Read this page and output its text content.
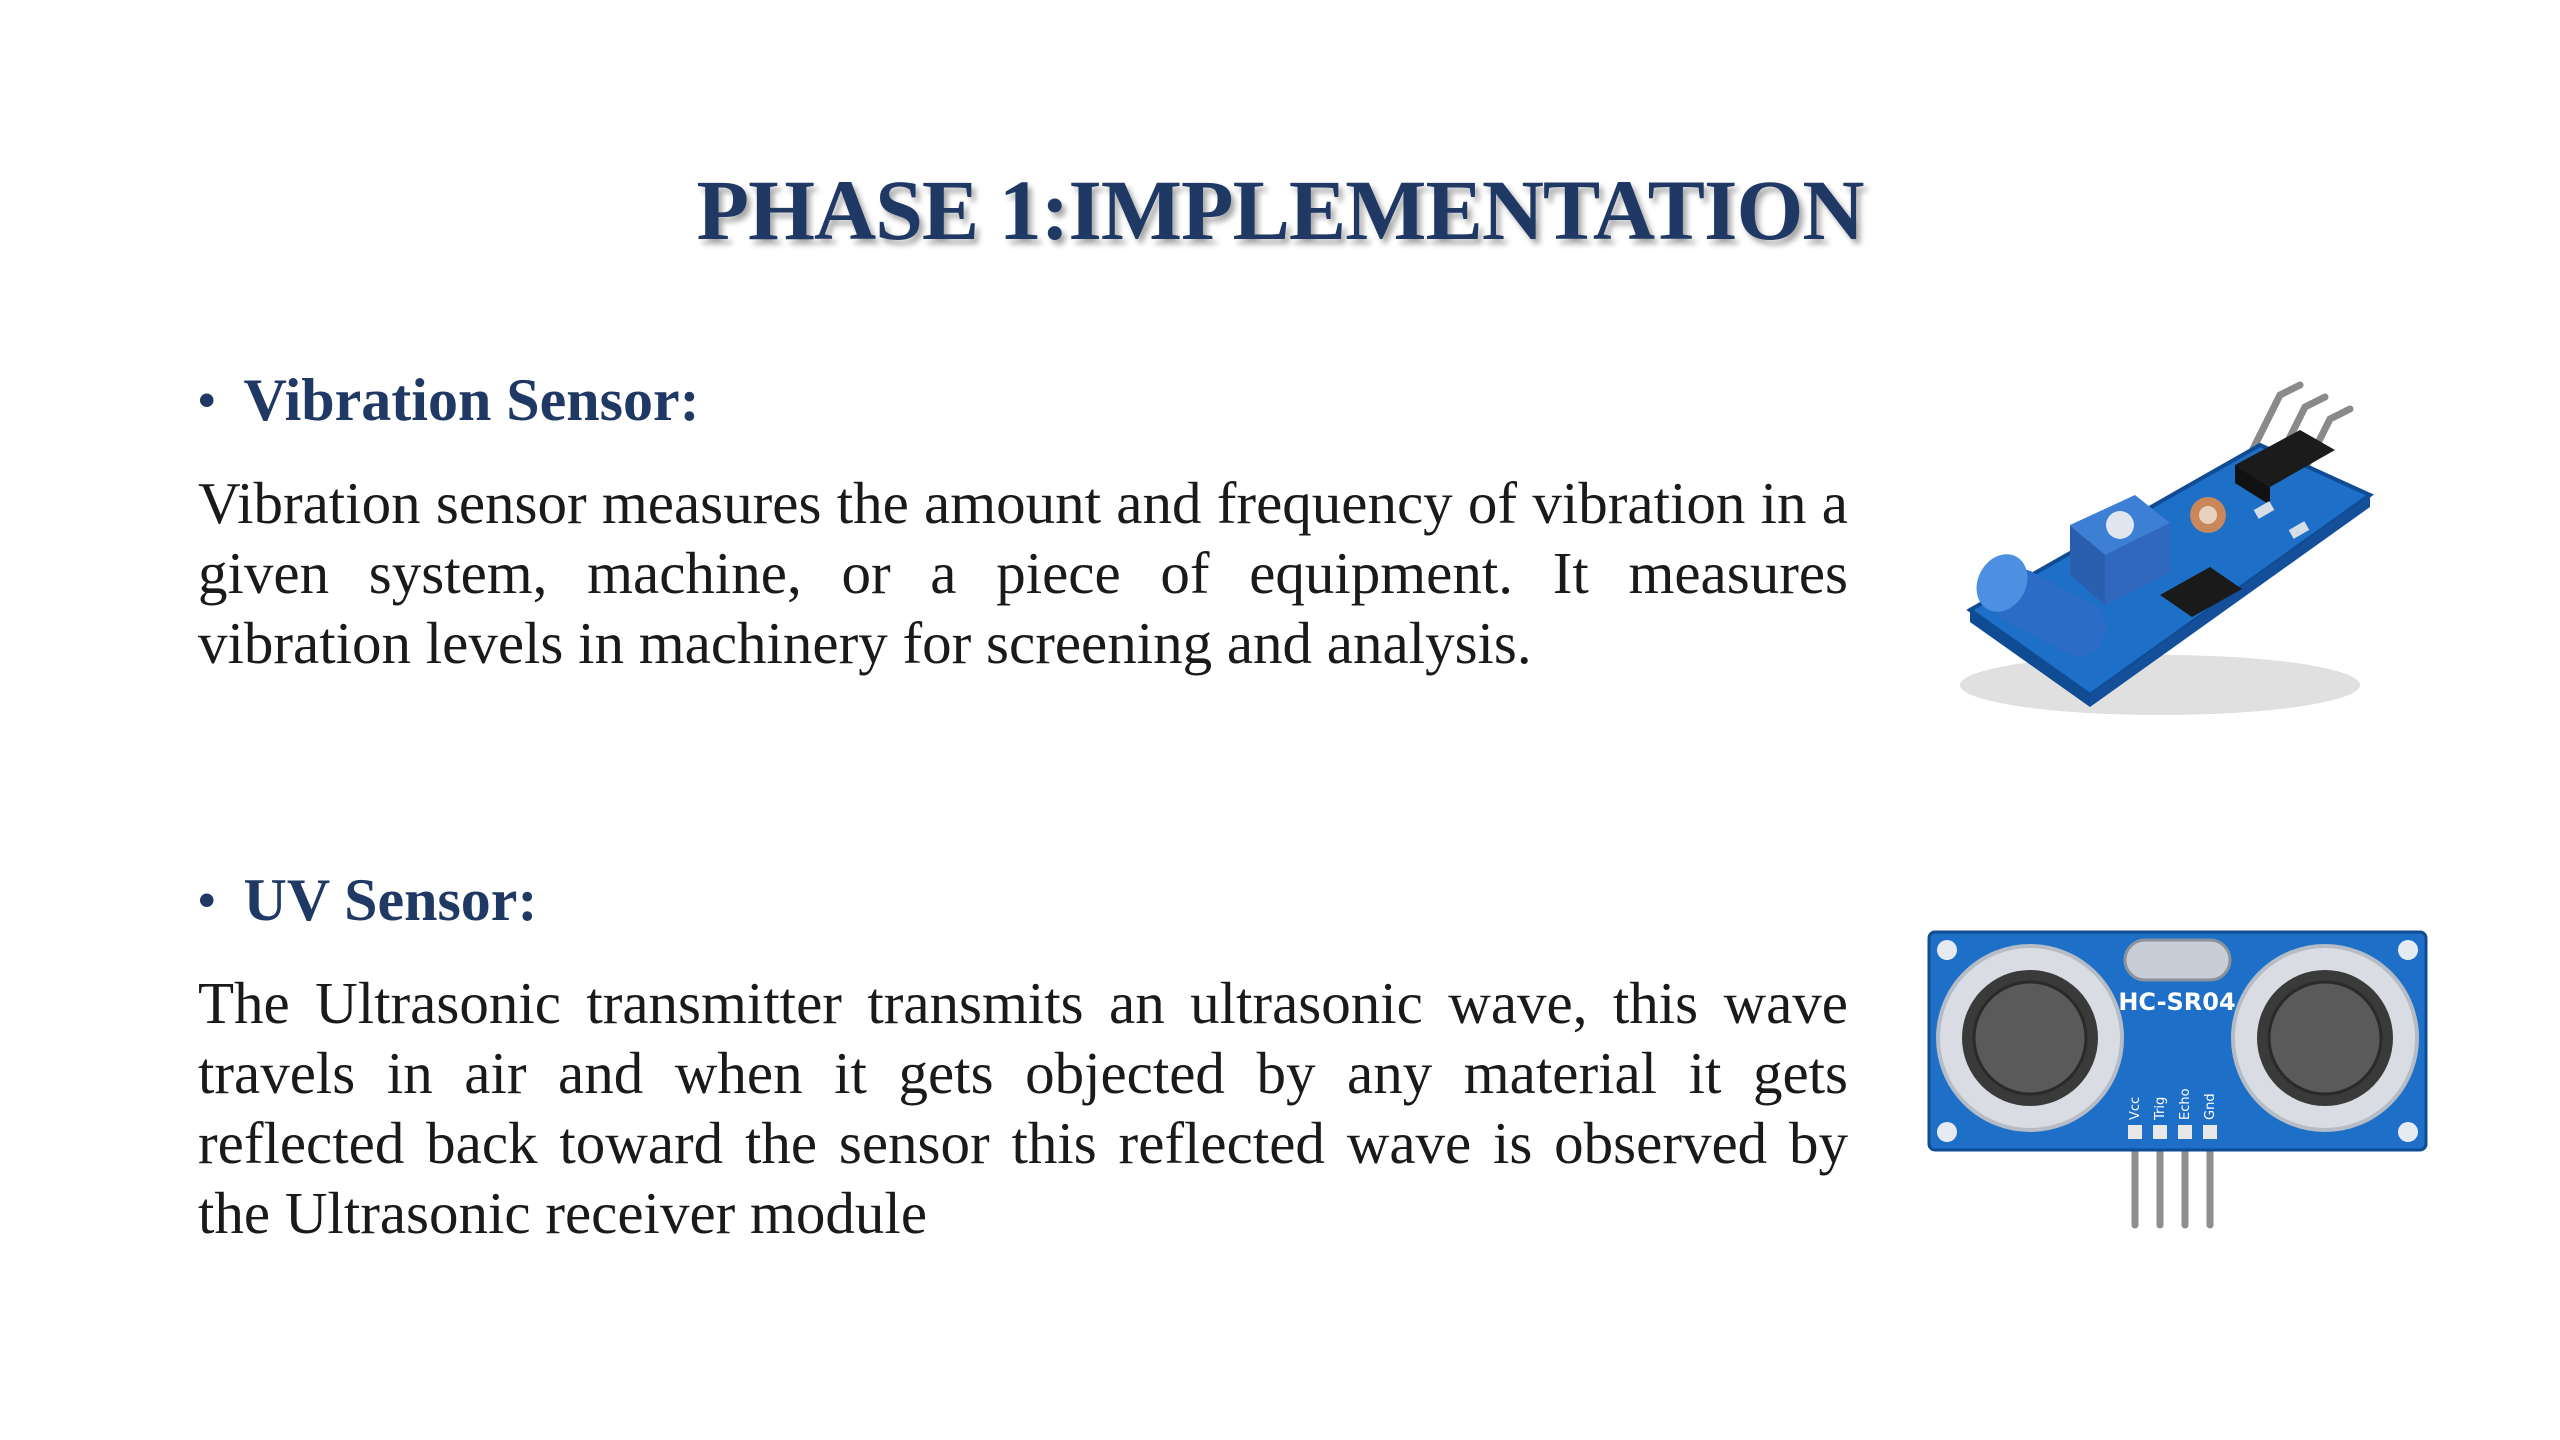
PHASE 1:IMPLEMENTATION
• Vibration Sensor:
Vibration sensor measures the amount and frequency of vibration in a given system, machine, or a piece of equipment. It measures vibration levels in machinery for screening and analysis.
• UV Sensor:
The Ultrasonic transmitter transmits an ultrasonic wave, this wave travels in air and when it gets objected by any material it gets reflected back toward the sensor this reflected wave is observed by the Ultrasonic receiver module
HC-SR04
Vcc Trig Echo Gnd
